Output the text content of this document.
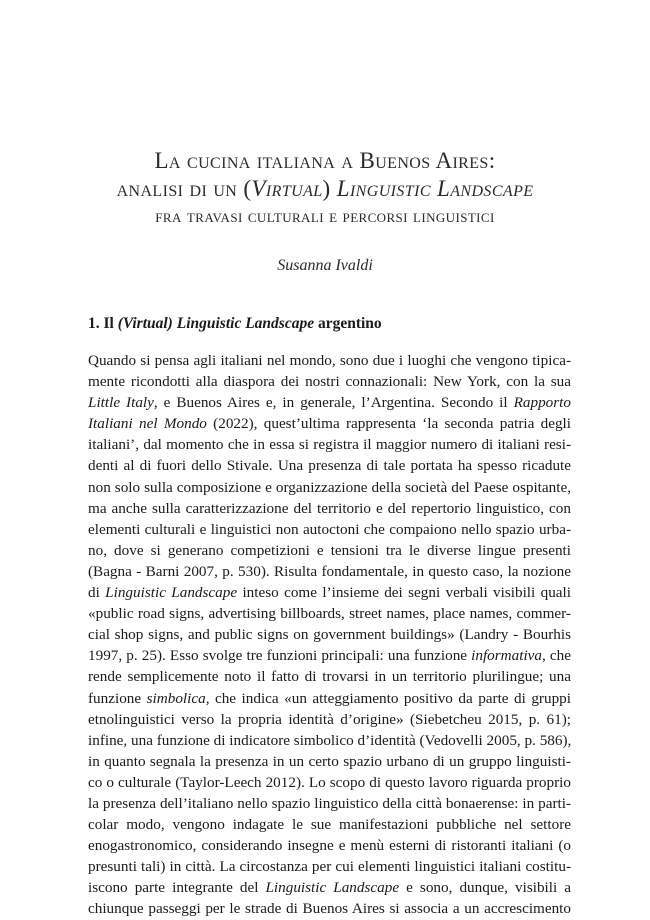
La cucina italiana a Buenos Aires:
analisi di un (Virtual) Linguistic Landscape
fra travasi culturali e percorsi linguistici
Susanna Ivaldi
1. Il (Virtual) Linguistic Landscape argentino
Quando si pensa agli italiani nel mondo, sono due i luoghi che vengono tipica-
mente ricondotti alla diaspora dei nostri connazionali: New York, con la sua
Little Italy, e Buenos Aires e, in generale, l’Argentina. Secondo il Rapporto
Italiani nel Mondo (2022), quest’ultima rappresenta ‘la seconda patria degli
italiani’, dal momento che in essa si registra il maggior numero di italiani resi-
denti al di fuori dello Stivale. Una presenza di tale portata ha spesso ricadute
non solo sulla composizione e organizzazione della società del Paese ospitante,
ma anche sulla caratterizzazione del territorio e del repertorio linguistico, con
elementi culturali e linguistici non autoctoni che compaiono nello spazio urba-
no, dove si generano competizioni e tensioni tra le diverse lingue presenti
(Bagna - Barni 2007, p. 530). Risulta fondamentale, in questo caso, la nozione
di Linguistic Landscape inteso come l’insieme dei segni verbali visibili quali
«public road signs, advertising billboards, street names, place names, commer-
cial shop signs, and public signs on government buildings» (Landry - Bourhis
1997, p. 25). Esso svolge tre funzioni principali: una funzione informativa, che
rende semplicemente noto il fatto di trovarsi in un territorio plurilingue; una
funzione simbolica, che indica «un atteggiamento positivo da parte di gruppi
etnolinguistici verso la propria identità d’origine» (Siebetcheu 2015, p. 61);
infine, una funzione di indicatore simbolico d’identità (Vedovelli 2005, p. 586),
in quanto segnala la presenza in un certo spazio urbano di un gruppo linguisti-
co o culturale (Taylor-Leech 2012). Lo scopo di questo lavoro riguarda proprio
la presenza dell’italiano nello spazio linguistico della città bonaerense: in parti-
colar modo, vengono indagate le sue manifestazioni pubbliche nel settore
enogastronomico, considerando insegne e menù esterni di ristoranti italiani (o
presunti tali) in città. La circostanza per cui elementi linguistici italiani costitu-
iscono parte integrante del Linguistic Landscape e sono, dunque, visibili a
chiunque passeggi per le strade di Buenos Aires si associa a un accrescimento
